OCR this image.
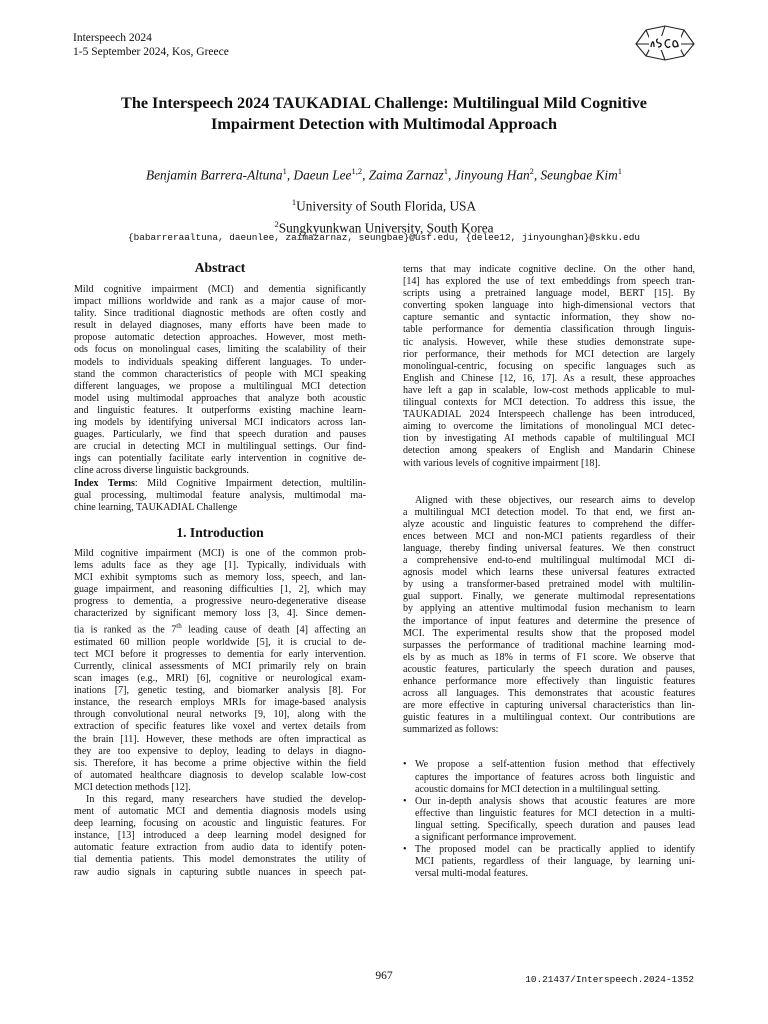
Interspeech 2024
1-5 September 2024, Kos, Greece
The Interspeech 2024 TAUKADIAL Challenge: Multilingual Mild Cognitive
Impairment Detection with Multimodal Approach
Benjamin Barrera-Altuna$^1$, Daeun Lee$^{1,2}$, Zaima Zarnaz$^1$, Jinyoung Han$^2$, Seungbae Kim$^1$
$^1$University of South Florida, USA
$^2$Sungkyunkwan University, South Korea
{babarreraaltuna, daeunlee, zaimazarnaz, seungbae}@usf.edu, {delee12, jinyounghan}@skku.edu
Abstract
Mild cognitive impairment (MCI) and dementia significantly
impact millions worldwide and rank as a major cause of mor-
tality. Since traditional diagnostic methods are often costly and
result in delayed diagnoses, many efforts have been made to
propose automatic detection approaches. However, most meth-
ods focus on monolingual cases, limiting the scalability of their
models to individuals speaking different languages. To under-
stand the common characteristics of people with MCI speaking
different languages, we propose a multilingual MCI detection
model using multimodal approaches that analyze both acoustic
and linguistic features. It outperforms existing machine learn-
ing models by identifying universal MCI indicators across lan-
guages. Particularly, we find that speech duration and pauses
are crucial in detecting MCI in multilingual settings. Our find-
ings can potentially facilitate early intervention in cognitive de-
cline across diverse linguistic backgrounds.
Index Terms: Mild Cognitive Impairment detection, multilin-
gual processing, multimodal feature analysis, multimodal ma-
chine learning, TAUKADIAL Challenge
1. Introduction
Mild cognitive impairment (MCI) is one of the common prob-
lems adults face as they age [1]. Typically, individuals with
MCI exhibit symptoms such as memory loss, speech, and lan-
guage impairment, and reasoning difficulties [1, 2], which may
progress to dementia, a progressive neuro-degenerative disease
characterized by significant memory loss [3, 4]. Since demen-
tia is ranked as the 7th leading cause of death [4] affecting an
estimated 60 million people worldwide [5], it is crucial to de-
tect MCI before it progresses to dementia for early intervention.
Currently, clinical assessments of MCI primarily rely on brain
scan images (e.g., MRI) [6], cognitive or neurological exam-
inations [7], genetic testing, and biomarker analysis [8]. For
instance, the research employs MRIs for image-based analysis
through convolutional neural networks [9, 10], along with the
extraction of specific features like voxel and vertex details from
the brain [11]. However, these methods are often impractical as
they are too expensive to deploy, leading to delays in diagno-
sis. Therefore, it has become a prime objective within the field
of automated healthcare diagnosis to develop scalable low-cost
MCI detection methods [12].
In this regard, many researchers have studied the develop-
ment of automatic MCI and dementia diagnosis models using
deep learning, focusing on acoustic and linguistic features. For
instance, [13] introduced a deep learning model designed for
automatic feature extraction from audio data to identify poten-
tial dementia patients. This model demonstrates the utility of
raw audio signals in capturing subtle nuances in speech pat-
terns that may indicate cognitive decline. On the other hand,
[14] has explored the use of text embeddings from speech tran-
scripts using a pretrained language model, BERT [15]. By
converting spoken language into high-dimensional vectors that
capture semantic and syntactic information, they show no-
table performance for dementia classification through linguis-
tic analysis. However, while these studies demonstrate supe-
rior performance, their methods for MCI detection are largely
monolingual-centric, focusing on specific languages such as
English and Chinese [12, 16, 17]. As a result, these approaches
have left a gap in scalable, low-cost methods applicable to mul-
tilingual contexts for MCI detection. To address this issue, the
TAUKADIAL 2024 Interspeech challenge has been introduced,
aiming to overcome the limitations of monolingual MCI detec-
tion by investigating AI methods capable of multilingual MCI
detection among speakers of English and Mandarin Chinese
with various levels of cognitive impairment [18].
Aligned with these objectives, our research aims to develop
a multilingual MCI detection model. To that end, we first an-
alyze acoustic and linguistic features to comprehend the differ-
ences between MCI and non-MCI patients regardless of their
language, thereby finding universal features. We then construct
a comprehensive end-to-end multilingual multimodal MCI di-
agnosis model which learns these universal features extracted
by using a transformer-based pretrained model with multilin-
gual support. Finally, we generate multimodal representations
by applying an attentive multimodal fusion mechanism to learn
the importance of input features and determine the presence of
MCI. The experimental results show that the proposed model
surpasses the performance of traditional machine learning mod-
els by as much as 18% in terms of F1 score. We observe that
acoustic features, particularly the speech duration and pauses,
enhance performance more effectively than linguistic features
across all languages. This demonstrates that acoustic features
are more effective in capturing universal characteristics than lin-
guistic features in a multilingual context. Our contributions are
summarized as follows:
• We propose a self-attention fusion method that effectively
captures the importance of features across both linguistic and
acoustic domains for MCI detection in a multilingual setting.
• Our in-depth analysis shows that acoustic features are more
effective than linguistic features for MCI detection in a multi-
lingual setting. Specifically, speech duration and pauses lead
a significant performance improvement.
• The proposed model can be practically applied to identify
MCI patients, regardless of their language, by learning uni-
versal multi-modal features.
967	10.21437/Interspeech.2024-1352
